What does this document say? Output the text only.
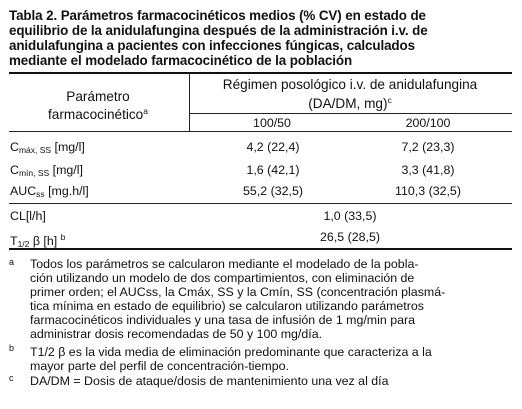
Tabla 2. Parámetros farmacocinéticos medios (% CV) en estado de
equilibrio de la anidulafungina después de la administración i.v. de
anidulafungina a pacientes con infecciones fúngicas, calculados
mediante el modelado farmacocinético de la población
Parámetro
farmacocinético$^a$
Régimen posológico i.v. de anidulafungina
(DA/DM, mg)$^c$
100/50	200/100
$C_{máx, SS}$ [mg/l]	4,2 (22,4)	7,2 (23,3)
$C_{mín, SS}$ [mg/l]	1,6 (42,1)	3,3 (41,8)
$AUC_{ss}$ [mg.h/l]	55,2 (32,5)	110,3 (32,5)
CL[l/h]	1,0 (33,5)
$T_{1/2}$ β [h] $^b$	26,5 (28,5)
a Todos los parámetros se calcularon mediante el modelado de la pobla-
ción utilizando un modelo de dos compartimientos, con eliminación de
primer orden; el AUCss, la Cmáx, SS y la Cmín, SS (concentración plasmá-
tica mínima en estado de equilibrio) se calcularon utilizando parámetros
farmacocinéticos individuales y una tasa de infusión de 1 mg/min para
administrar dosis recomendadas de 50 y 100 mg/día.
b T1/2 β es la vida media de eliminación predominante que caracteriza a la
mayor parte del perfil de concentración-tiempo.
c DA/DM = Dosis de ataque/dosis de mantenimiento una vez al día
